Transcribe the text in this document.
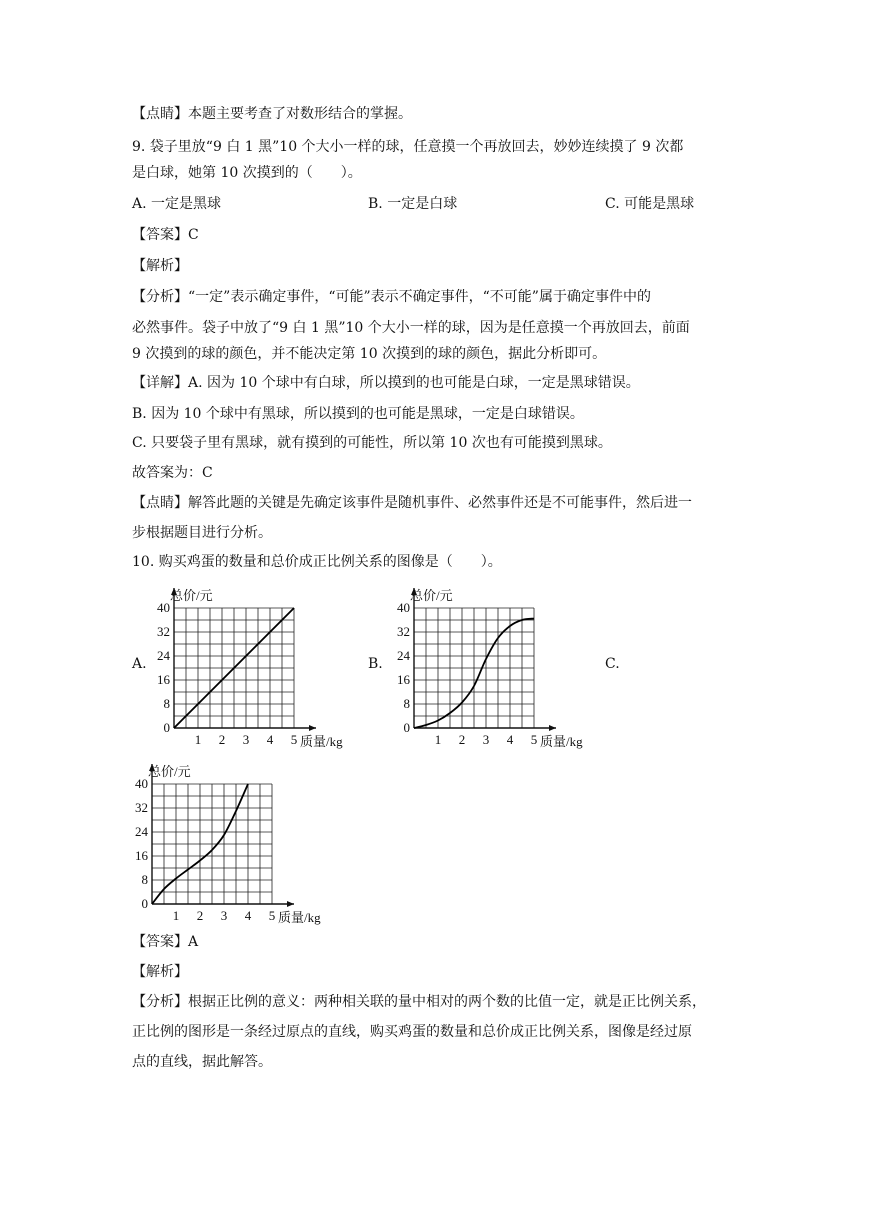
【点睛】本题主要考查了对数形结合的掌握。
9. 袋子里放“9 白 1 黑”10 个大小一样的球，任意摸一个再放回去，妙妙连续摸了 9 次都
是白球，她第 10 次摸到的（　　）。
A. 一定是黑球	B. 一定是白球	C. 可能是黑球
【答案】C
【解析】
【分析】“一定”表示确定事件，“可能”表示不确定事件，“不可能”属于确定事件中的
必然事件。袋子中放了“9 白 1 黑”10 个大小一样的球，因为是任意摸一个再放回去，前面
9 次摸到的球的颜色，并不能决定第 10 次摸到的球的颜色，据此分析即可。
【详解】A. 因为 10 个球中有白球，所以摸到的也可能是白球，一定是黑球错误。
B. 因为 10 个球中有黑球，所以摸到的也可能是黑球，一定是白球错误。
C. 只要袋子里有黑球，就有摸到的可能性，所以第 10 次也有可能摸到黑球。
故答案为：C
【点睛】解答此题的关键是先确定该事件是随机事件、必然事件还是不可能事件，然后进一
步根据题目进行分析。
10. 购买鸡蛋的数量和总价成正比例关系的图像是（　　）。
A.	B.	C.
0
8
16
24
32
40
1 2 3 4 5
总价/元
质量/kg
0
8
16
24
32
40
1 2 3 4 5
总价/元
质量/kg
0
8
16
24
32
40
1 2 3 4 5
总价/元
质量/kg
【答案】A
【解析】
【分析】根据正比例的意义：两种相关联的量中相对的两个数的比值一定，就是正比例关系，
正比例的图形是一条经过原点的直线，购买鸡蛋的数量和总价成正比例关系，图像是经过原
点的直线，据此解答。
